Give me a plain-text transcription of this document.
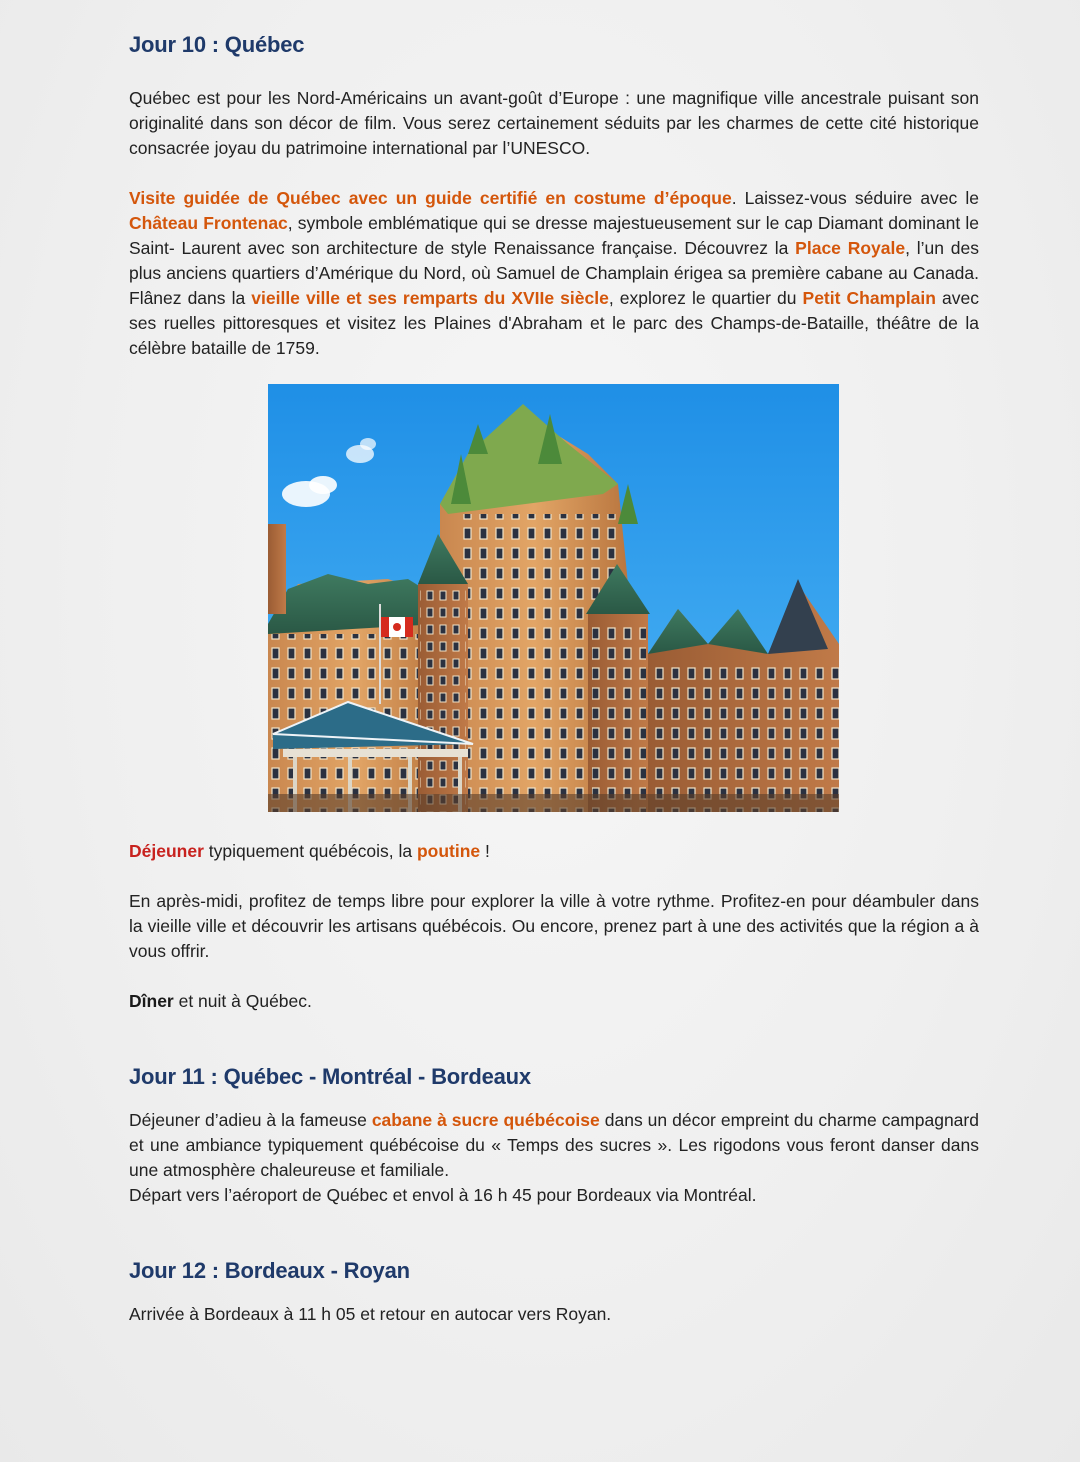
Jour 10 : Québec

Québec est pour les Nord-Américains un avant-goût d’Europe : une magnifique ville ancestrale puisant son originalité dans son décor de film. Vous serez certainement séduits par les charmes de cette cité historique consacrée joyau du patrimoine international par l’UNESCO.

Visite guidée de Québec avec un guide certifié en costume d’époque. Laissez-vous séduire avec le Château Frontenac, symbole emblématique qui se dresse majestueusement sur le cap Diamant dominant le Saint- Laurent avec son architecture de style Renaissance française. Découvrez la Place Royale, l’un des plus anciens quartiers d’Amérique du Nord, où Samuel de Champlain érigea sa première cabane au Canada. Flânez dans la vieille ville et ses remparts du XVIIe siècle, explorez le quartier du Petit Champlain avec ses ruelles pittoresques et visitez les Plaines d'Abraham et le parc des Champs-de-Bataille, théâtre de la célèbre bataille de 1759.

Déjeuner typiquement québécois, la poutine !

En après-midi, profitez de temps libre pour explorer la ville à votre rythme. Profitez-en pour déambuler dans la vieille ville et découvrir les artisans québécois. Ou encore, prenez part à une des activités que la région a à vous offrir.

Dîner et nuit à Québec.

Jour 11 : Québec - Montréal - Bordeaux

Déjeuner d’adieu à la fameuse cabane à sucre québécoise dans un décor empreint du charme campagnard et une ambiance typiquement québécoise du « Temps des sucres ». Les rigodons vous feront danser dans une atmosphère chaleureuse et familiale.

Départ vers l’aéroport de Québec et envol à 16 h 45 pour Bordeaux via Montréal.

Jour 12 : Bordeaux - Royan

Arrivée à Bordeaux à 11 h 05 et retour en autocar vers Royan.
